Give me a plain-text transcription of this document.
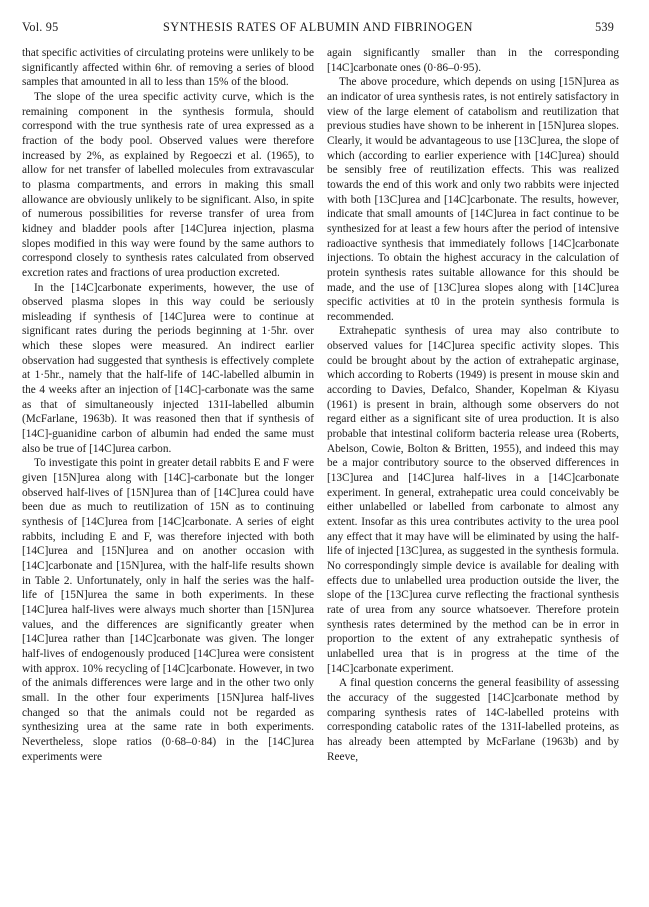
Vol. 95	SYNTHESIS RATES OF ALBUMIN AND FIBRINOGEN	539

that specific activities of circulating proteins were unlikely to be significantly affected within 6hr. of removing a series of blood samples that amounted in all to less than 15% of the blood.

The slope of the urea specific activity curve, which is the remaining component in the synthesis formula, should correspond with the true synthesis rate of urea expressed as a fraction of the body pool. Observed values were therefore increased by 2%, as explained by Regoeczi et al. (1965), to allow for net transfer of labelled molecules from extravascular to plasma compartments, and errors in making this small allowance are obviously unlikely to be significant. Also, in spite of numerous possibilities for reverse transfer of urea from kidney and bladder pools after [14C]urea injection, plasma slopes modified in this way were found by the same authors to correspond closely to synthesis rates calculated from observed excretion rates and fractions of urea production excreted.

In the [14C]carbonate experiments, however, the use of observed plasma slopes in this way could be seriously misleading if synthesis of [14C]urea were to continue at significant rates during the periods beginning at 1·5hr. over which these slopes were measured. An indirect earlier observation had suggested that synthesis is effectively complete at 1·5hr., namely that the half-life of 14C-labelled albumin in the 4 weeks after an injection of [14C]-carbonate was the same as that of simultaneously injected 131I-labelled albumin (McFarlane, 1963b). It was reasoned then that if synthesis of [14C]-guanidine carbon of albumin had ended the same must also be true of [14C]urea carbon.

To investigate this point in greater detail rabbits E and F were given [15N]urea along with [14C]-carbonate but the longer observed half-lives of [15N]urea than of [14C]urea could have been due as much to reutilization of 15N as to continuing synthesis of [14C]urea from [14C]carbonate. A series of eight rabbits, including E and F, was therefore injected with both [14C]urea and [15N]urea and on another occasion with [14C]carbonate and [15N]urea, with the half-life results shown in Table 2. Unfortunately, only in half the series was the half-life of [15N]urea the same in both experiments. In these [14C]urea half-lives were always much shorter than [15N]urea values, and the differences are significantly greater when [14C]urea rather than [14C]carbonate was given. The longer half-lives of endogenously produced [14C]urea were consistent with approx. 10% recycling of [14C]carbonate. However, in two of the animals differences were large and in the other two only small. In the other four experiments [15N]urea half-lives changed so that the animals could not be regarded as synthesizing urea at the same rate in both experiments. Nevertheless, slope ratios (0·68–0·84) in the [14C]urea experiments were

again significantly smaller than in the corresponding [14C]carbonate ones (0·86–0·95).

The above procedure, which depends on using [15N]urea as an indicator of urea synthesis rates, is not entirely satisfactory in view of the large element of catabolism and reutilization that previous studies have shown to be inherent in [15N]urea slopes. Clearly, it would be advantageous to use [13C]urea, the slope of which (according to earlier experience with [14C]urea) should be sensibly free of reutilization effects. This was realized towards the end of this work and only two rabbits were injected with both [13C]urea and [14C]carbonate. The results, however, indicate that small amounts of [14C]urea in fact continue to be synthesized for at least a few hours after the period of intensive radioactive synthesis that immediately follows [14C]carbonate injections. To obtain the highest accuracy in the calculation of protein synthesis rates suitable allowance for this should be made, and the use of [13C]urea slopes along with [14C]urea specific activities at t0 in the protein synthesis formula is recommended.

Extrahepatic synthesis of urea may also contribute to observed values for [14C]urea specific activity slopes. This could be brought about by the action of extrahepatic arginase, which according to Roberts (1949) is present in mouse skin and according to Davies, Defalco, Shander, Kopelman & Kiyasu (1961) is present in brain, although some observers do not regard either as a significant site of urea production. It is also probable that intestinal coliform bacteria release urea (Roberts, Abelson, Cowie, Bolton & Britten, 1955), and indeed this may be a major contributory source to the observed differences in [13C]urea and [14C]urea half-lives in a [14C]carbonate experiment. In general, extrahepatic urea could conceivably be either unlabelled or labelled from carbonate to almost any extent. Insofar as this urea contributes activity to the urea pool any effect that it may have will be eliminated by using the half-life of injected [13C]urea, as suggested in the synthesis formula. No correspondingly simple device is available for dealing with effects due to unlabelled urea production outside the liver, the slope of the [13C]urea curve reflecting the fractional synthesis rate of urea from any source whatsoever. Therefore protein synthesis rates determined by the method can be in error in proportion to the extent of any extrahepatic synthesis of unlabelled urea that is in progress at the time of the [14C]carbonate experiment.

A final question concerns the general feasibility of assessing the accuracy of the suggested [14C]carbonate method by comparing synthesis rates of 14C-labelled proteins with corresponding catabolic rates of the 131I-labelled proteins, as has already been attempted by McFarlane (1963b) and by Reeve,
